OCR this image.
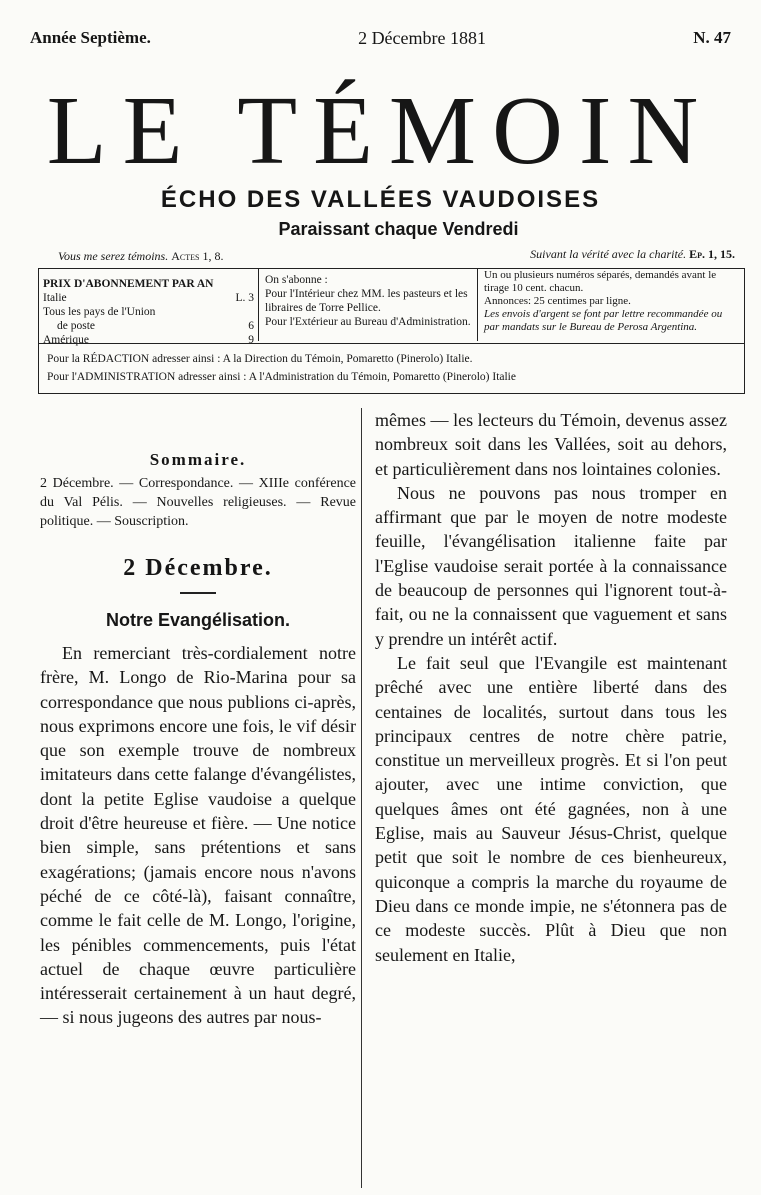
Année Septième.	2 Décembre 1881	N. 47
LE TÉMOIN
ÉCHO DES VALLÉES VAUDOISES
Paraissant chaque Vendredi
Vous me serez témoins. Actes 1, 8.	Suivant la vérité avec la charité. Ep. 1, 15.
PRIX D'ABONNEMENT PAR AN
Italie	L. 3
Tous les pays de l'Union
de poste	6
Amérique	9
On s'abonne :
Pour l'Intérieur chez MM. les pasteurs et les libraires de Torre Pellice.
Pour l'Extérieur au Bureau d'Administration.
Un ou plusieurs numéros séparés, demandés avant le tirage 10 cent. chacun.
Annonces: 25 centimes par ligne.
Les envois d'argent se font par lettre recommandée ou par mandats sur le Bureau de Perosa Argentina.
Pour la RÉDACTION adresser ainsi : A la Direction du Témoin, Pomaretto (Pinerolo) Italie.
Pour l'ADMINISTRATION adresser ainsi : A l'Administration du Témoin, Pomaretto (Pinerolo) Italie
Sommaire.
2 Décembre. — Correspondance. — XIIIe conférence du Val Pélis. — Nouvelles religieuses. — Revue politique. — Souscription.
2 Décembre.
Notre Evangélisation.

En remerciant très-cordialement notre frère, M. Longo de Rio-Marina pour sa correspondance que nous publions ci-après, nous exprimons encore une fois, le vif désir que son exemple trouve de nombreux imitateurs dans cette falange d'évangélistes, dont la petite Eglise vaudoise a quelque droit d'être heureuse et fière. — Une notice bien simple, sans prétentions et sans exagérations; (jamais encore nous n'avons péché de ce côté-là), faisant connaître, comme le fait celle de M. Longo, l'origine, les pénibles commencements, puis l'état actuel de chaque œuvre particulière intéresserait certainement à un haut degré, — si nous jugeons des autres par nous-

mêmes — les lecteurs du Témoin, devenus assez nombreux soit dans les Vallées, soit au dehors, et particulièrement dans nos lointaines colonies.

Nous ne pouvons pas nous tromper en affirmant que par le moyen de notre modeste feuille, l'évangélisation italienne faite par l'Eglise vaudoise serait portée à la connaissance de beaucoup de personnes qui l'ignorent tout-à-fait, ou ne la connaissent que vaguement et sans y prendre un intérêt actif.

Le fait seul que l'Evangile est maintenant prêché avec une entière liberté dans des centaines de localités, surtout dans tous les principaux centres de notre chère patrie, constitue un merveilleux progrès. Et si l'on peut ajouter, avec une intime conviction, que quelques âmes ont été gagnées, non à une Eglise, mais au Sauveur Jésus-Christ, quelque petit que soit le nombre de ces bienheureux, quiconque a compris la marche du royaume de Dieu dans ce monde impie, ne s'étonnera pas de ce modeste succès. Plût à Dieu que non seulement en Italie,
